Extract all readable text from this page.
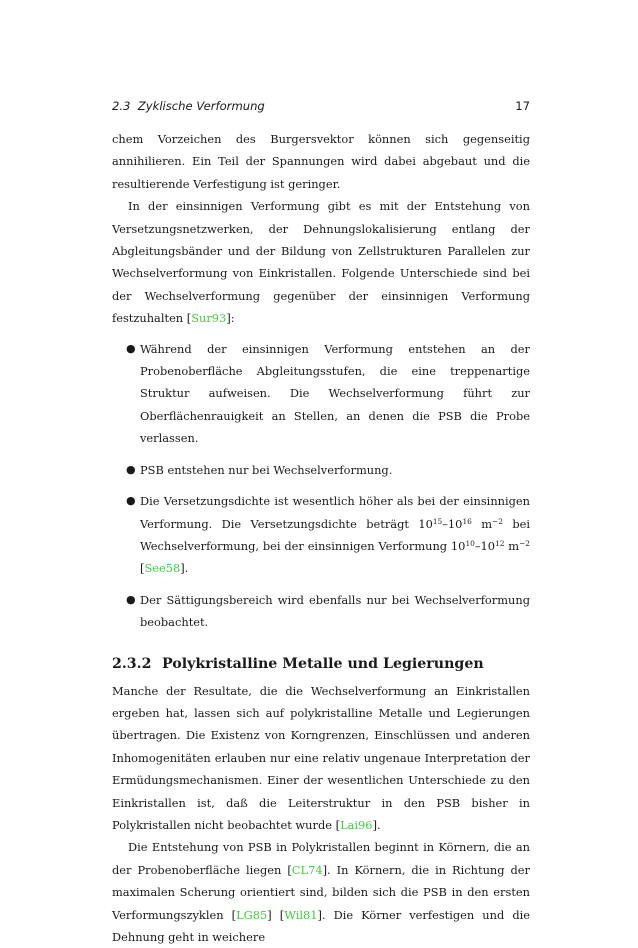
2.3  Zyklische Verformung	17

chem Vorzeichen des Burgersvektor können sich gegenseitig annihilieren. Ein Teil der Spannungen wird dabei abgebaut und die resultierende Verfestigung ist geringer.

In der einsinnigen Verformung gibt es mit der Entstehung von Versetzungsnetzwerken, der Dehnungslokalisierung entlang der Abgleitungsbänder und der Bildung von Zellstrukturen Parallelen zur Wechselverformung von Einkristallen. Folgende Unterschiede sind bei der Wechselverformung gegenüber der einsinnigen Verformung festzuhalten [Sur93]:

● Während der einsinnigen Verformung entstehen an der Probenoberfläche Abgleitungsstufen, die eine treppenartige Struktur aufweisen. Die Wechselverformung führt zur Oberflächenrauigkeit an Stellen, an denen die PSB die Probe verlassen.
● PSB entstehen nur bei Wechselverformung.
● Die Versetzungsdichte ist wesentlich höher als bei der einsinnigen Verformung. Die Versetzungsdichte beträgt $10^{15}-10^{16}$ $m^{-2}$ bei Wechselverformung, bei der einsinnigen Verformung $10^{10}-10^{12}$ $m^{-2}$ [See58].
● Der Sättigungsbereich wird ebenfalls nur bei Wechselverformung beobachtet.
2.3.2 Polykristalline Metalle und Legierungen

Manche der Resultate, die die Wechselverformung an Einkristallen ergeben hat, lassen sich auf polykristalline Metalle und Legierungen übertragen. Die Existenz von Korngrenzen, Einschlüssen und anderen Inhomogenitäten erlauben nur eine relativ ungenaue Interpretation der Ermüdungsmechanismen. Einer der wesentlichen Unterschiede zu den Einkristallen ist, daß die Leiterstruktur in den PSB bisher in Polykristallen nicht beobachtet wurde [Lai96].

Die Entstehung von PSB in Polykristallen beginnt in Körnern, die an der Probenoberfläche liegen [CL74]. In Körnern, die in Richtung der maximalen Scherung orientiert sind, bilden sich die PSB in den ersten Verformungszyklen [LG85] [Wil81]. Die Körner verfestigen und die Dehnung geht in weichere
